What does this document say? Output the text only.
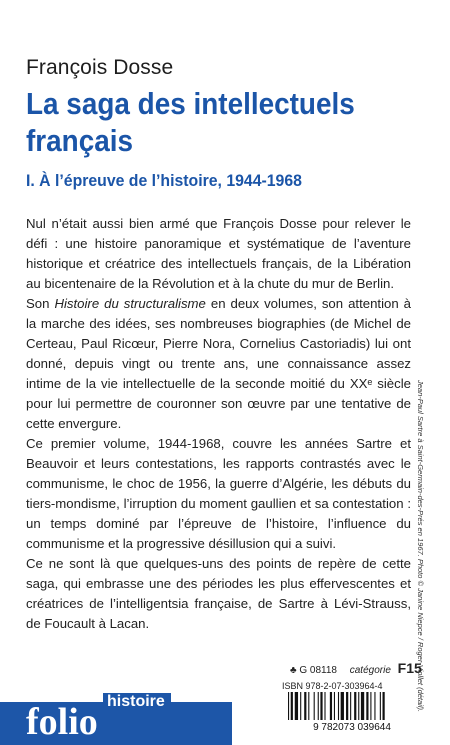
François Dosse
La saga des intellectuels français
I. À l’épreuve de l’histoire, 1944-1968

Nul n’était aussi bien armé que François Dosse pour relever le défi : une histoire panoramique et systématique de l’aventure historique et créatrice des intellectuels français, de la Libération au bicentenaire de la Révolution et à la chute du mur de Berlin.

Son Histoire du structuralisme en deux volumes, son attention à la marche des idées, ses nombreuses biographies (de Michel de Certeau, Paul Ricœur, Pierre Nora, Cornelius Castoriadis) lui ont donné, depuis vingt ou trente ans, une connaissance assez intime de la vie intellectuelle de la seconde moitié du XXᵉ siècle pour lui permettre de couronner son œuvre par une tentative de cette envergure.

Ce premier volume, 1944-1968, couvre les années Sartre et Beauvoir et leurs contestations, les rapports contrastés avec le communisme, le choc de 1956, la guerre d’Algérie, les débuts du tiers-mondisme, l’irruption du moment gaullien et sa contestation : un temps dominé par l’épreuve de l’histoire, l’influence du communisme et la progressive désillusion qui a suivi.

Ce ne sont là que quelques-uns des points de repère de cette saga, qui embrasse une des périodes les plus effervescentes et créatrices de l’intelligentsia française, de Sartre à Lévi-Strauss, de Foucault à Lacan.	Jean-Paul Sartre à Saint-Germain-des-Prés en 1967. Photo © Janine Niepce / Roger-Viollet (détail).
♣ G 08118 catégorie F15
ISBN 978-2-07-303964-4
9 782073 039644
folio histoire
